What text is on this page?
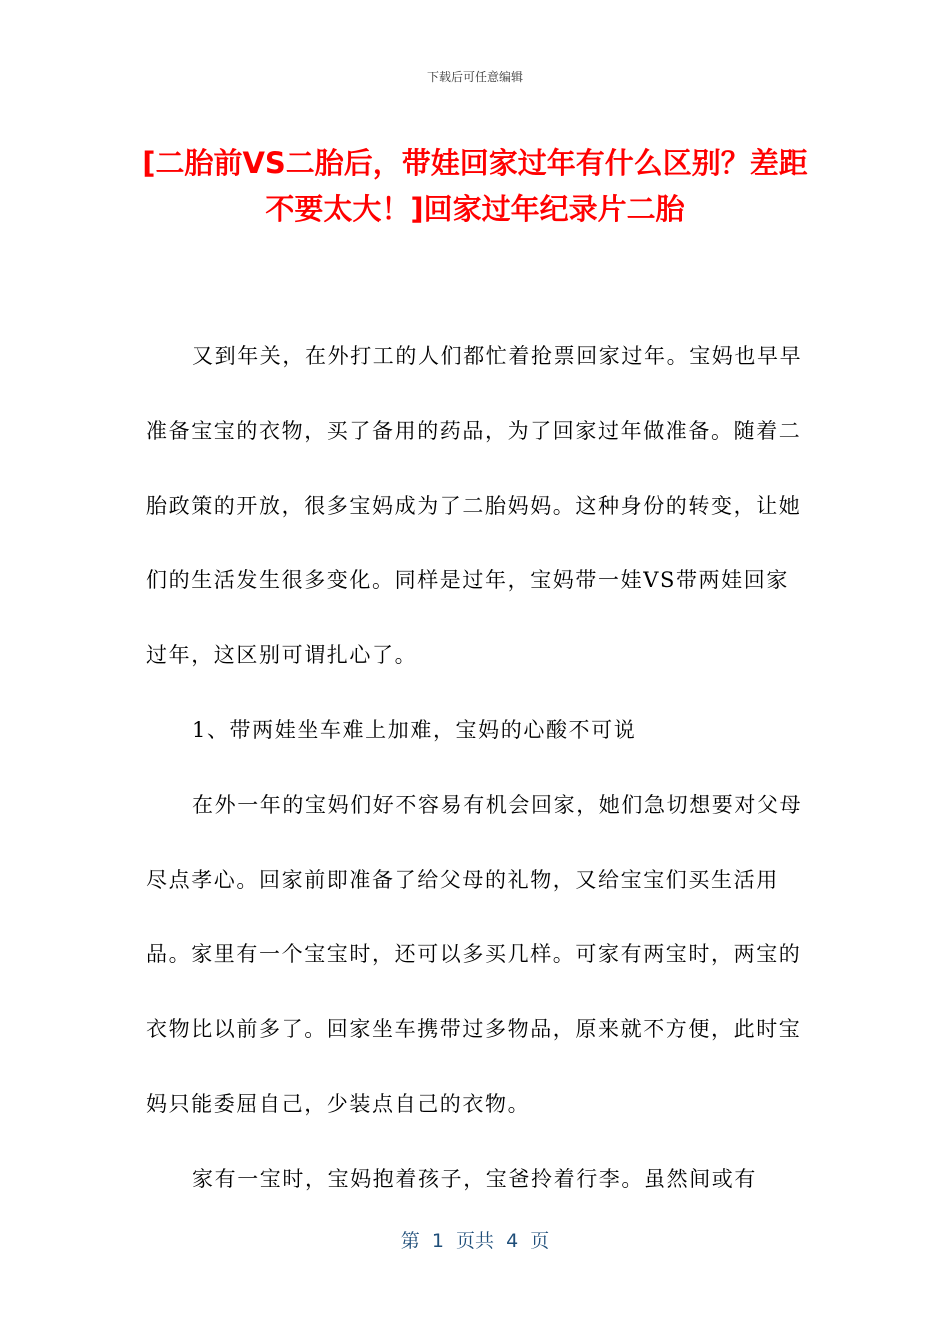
下载后可任意编辑
[二胎前VS二胎后，带娃回家过年有什么区别？差距不要太大！]回家过年纪录片二胎

又到年关，在外打工的人们都忙着抢票回家过年。宝妈也早早准备宝宝的衣物，买了备用的药品，为了回家过年做准备。随着二胎政策的开放，很多宝妈成为了二胎妈妈。这种身份的转变，让她们的生活发生很多变化。同样是过年，宝妈带一娃VS带两娃回家过年，这区别可谓扎心了。

1、带两娃坐车难上加难，宝妈的心酸不可说

在外一年的宝妈们好不容易有机会回家，她们急切想要对父母尽点孝心。回家前即准备了给父母的礼物，又给宝宝们买生活用品。家里有一个宝宝时，还可以多买几样。可家有两宝时，两宝的衣物比以前多了。回家坐车携带过多物品，原来就不方便，此时宝妈只能委屈自己，少装点自己的衣物。

家有一宝时，宝妈抱着孩子，宝爸拎着行李。虽然间或有

第  1  页共  4  页
